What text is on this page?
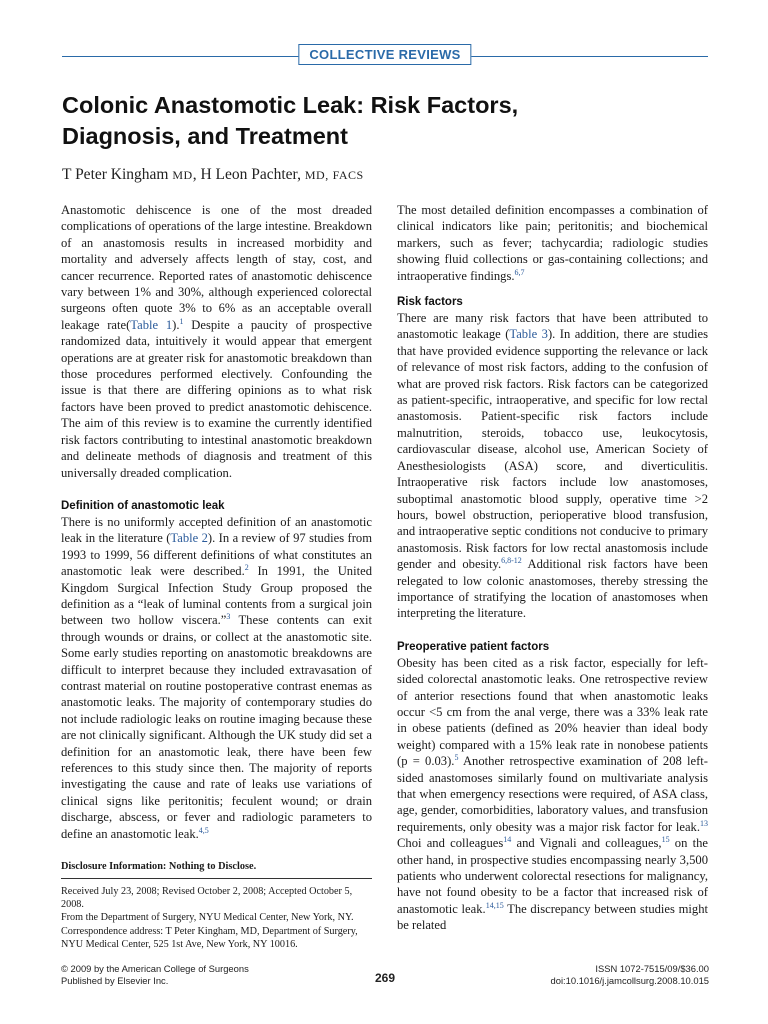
COLLECTIVE REVIEWS
Colonic Anastomotic Leak: Risk Factors,
Diagnosis, and Treatment
T Peter Kingham MD, H Leon Pachter, MD, FACS

Anastomotic dehiscence is one of the most dreaded complications of operations of the large intestine. Breakdown of an anastomosis results in increased morbidity and mortality and adversely affects length of stay, cost, and cancer recurrence. Reported rates of anastomotic dehiscence vary between 1% and 30%, although experienced colorectal surgeons often quote 3% to 6% as an acceptable overall leakage rate(Table 1).$^1$ Despite a paucity of prospective randomized data, intuitively it would appear that emergent operations are at greater risk for anastomotic breakdown than those procedures performed electively. Confounding the issue is that there are differing opinions as to what risk factors have been proved to predict anastomotic dehiscence. The aim of this review is to examine the currently identified risk factors contributing to intestinal anastomotic breakdown and delineate methods of diagnosis and treatment of this universally dreaded complication.

Definition of anastomotic leak

There is no uniformly accepted definition of an anastomotic leak in the literature (Table 2). In a review of 97 studies from 1993 to 1999, 56 different definitions of what constitutes an anastomotic leak were described.$^2$ In 1991, the United Kingdom Surgical Infection Study Group proposed the definition as a “leak of luminal contents from a surgical join between two hollow viscera.”$^3$ These contents can exit through wounds or drains, or collect at the anastomotic site. Some early studies reporting on anastomotic breakdowns are difficult to interpret because they included extravasation of contrast material on routine postoperative contrast enemas as anastomotic leaks. The majority of contemporary studies do not include radiologic leaks on routine imaging because these are not clinically significant. Although the UK study did set a definition for an anastomotic leak, there have been few references to this study since then. The majority of reports investigating the cause and rate of leaks use variations of clinical signs like peritonitis; feculent wound; or drain discharge, abscess, or fever and radiologic parameters to define an anastomotic leak.$^{4,5}$

Disclosure Information: Nothing to Disclose.
Received July 23, 2008; Revised October 2, 2008; Accepted October 5, 2008.
From the Department of Surgery, NYU Medical Center, New York, NY.
Correspondence address: T Peter Kingham, MD, Department of Surgery, NYU Medical Center, 525 1st Ave, New York, NY 10016.

The most detailed definition encompasses a combination of clinical indicators like pain; peritonitis; and biochemical markers, such as fever; tachycardia; radiologic studies showing fluid collections or gas-containing collections; and intraoperative findings.$^{6,7}$

Risk factors

There are many risk factors that have been attributed to anastomotic leakage (Table 3). In addition, there are studies that have provided evidence supporting the relevance or lack of relevance of most risk factors, adding to the confusion of what are proved risk factors. Risk factors can be categorized as patient-specific, intraoperative, and specific for low rectal anastomosis. Patient-specific risk factors include malnutrition, steroids, tobacco use, leukocytosis, cardiovascular disease, alcohol use, American Society of Anesthesiologists (ASA) score, and diverticulitis. Intraoperative risk factors include low anastomoses, suboptimal anastomotic blood supply, operative time >2 hours, bowel obstruction, perioperative blood transfusion, and intraoperative septic conditions not conducive to primary anastomosis. Risk factors for low rectal anastomosis include gender and obesity.$^{6,8-12}$ Additional risk factors have been relegated to low colonic anastomoses, thereby stressing the importance of stratifying the location of anastomoses when interpreting the literature.

Preoperative patient factors

Obesity has been cited as a risk factor, especially for left-sided colorectal anastomotic leaks. One retrospective review of anterior resections found that when anastomotic leaks occur <5 cm from the anal verge, there was a 33% leak rate in obese patients (defined as 20% heavier than ideal body weight) compared with a 15% leak rate in nonobese patients (p = 0.03).$^5$ Another retrospective examination of 208 left-sided anastomoses similarly found on multivariate analysis that when emergency resections were required, of ASA class, age, gender, comorbidities, laboratory values, and transfusion requirements, only obesity was a major risk factor for leak.$^{13}$ Choi and colleagues$^{14}$ and Vignali and colleagues,$^{15}$ on the other hand, in prospective studies encompassing nearly 3,500 patients who underwent colorectal resections for malignancy, have not found obesity to be a factor that increased risk of anastomotic leak.$^{14,15}$ The discrepancy between studies might be related

© 2009 by the American College of Surgeons
Published by Elsevier Inc.	269
ISSN 1072-7515/09/$36.00
doi:10.1016/j.jamcollsurg.2008.10.015
